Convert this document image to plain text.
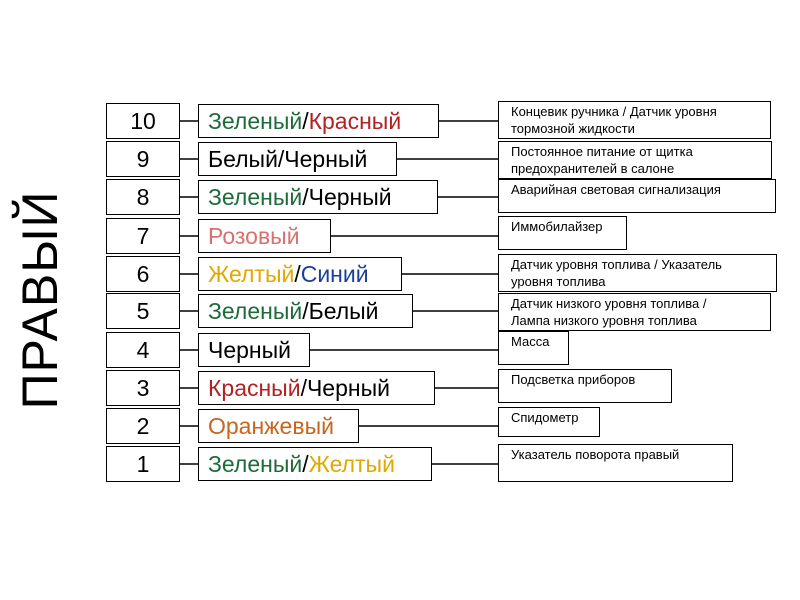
ПРАВЫЙ
10	Зеленый / Красный	Концевик ручника / Датчик уровня
тормозной жидкости
9	Белый/Черный	Постоянное питание от щитка
предохранителей в салоне
8	Зеленый /Черный	Аварийная световая сигнализация
7	Розовый	Иммобилайзер
6	Желтый / Синий	Датчик уровня топлива / Указатель
уровня топлива
5	Зеленый /Белый	Датчик низкого уровня топлива /
Лампа низкого уровня топлива
4	Черный	Масса
3	Красный /Черный	Подсветка приборов
2	Оранжевый	Спидометр
1	Зеленый / Желтый	Указатель поворота правый
